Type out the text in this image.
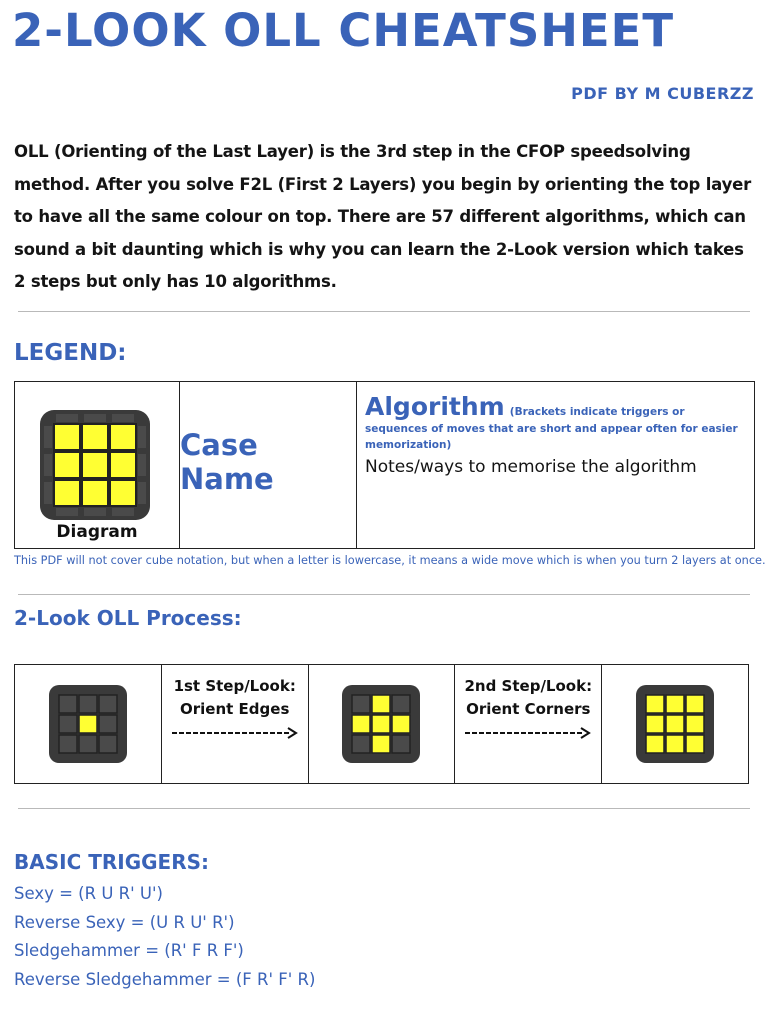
2-LOOK OLL CHEATSHEET
PDF BY M CUBERZZ

OLL (Orienting of the Last Layer) is the 3rd step in the CFOP speedsolving method. After you solve F2L (First 2 Layers) you begin by orienting the top layer to have all the same colour on top. There are 57 different algorithms, which can sound a bit daunting which is why you can learn the 2-Look version which takes 2 steps but only has 10 algorithms.

LEGEND:
Diagram
Case Name
Algorithm (Brackets indicate triggers or sequences of moves that are short and appear often for easier memorization)
Notes/ways to memorise the algorithm
This PDF will not cover cube notation, but when a letter is lowercase, it means a wide move which is when you turn 2 layers at once.
2-Look OLL Process:
1st Step/Look:
Orient Edges
2nd Step/Look:
Orient Corners
BASIC TRIGGERS:
Sexy = (R U R' U')
Reverse Sexy = (U R U' R')
Sledgehammer = (R' F R F')
Reverse Sledgehammer = (F R' F' R)
